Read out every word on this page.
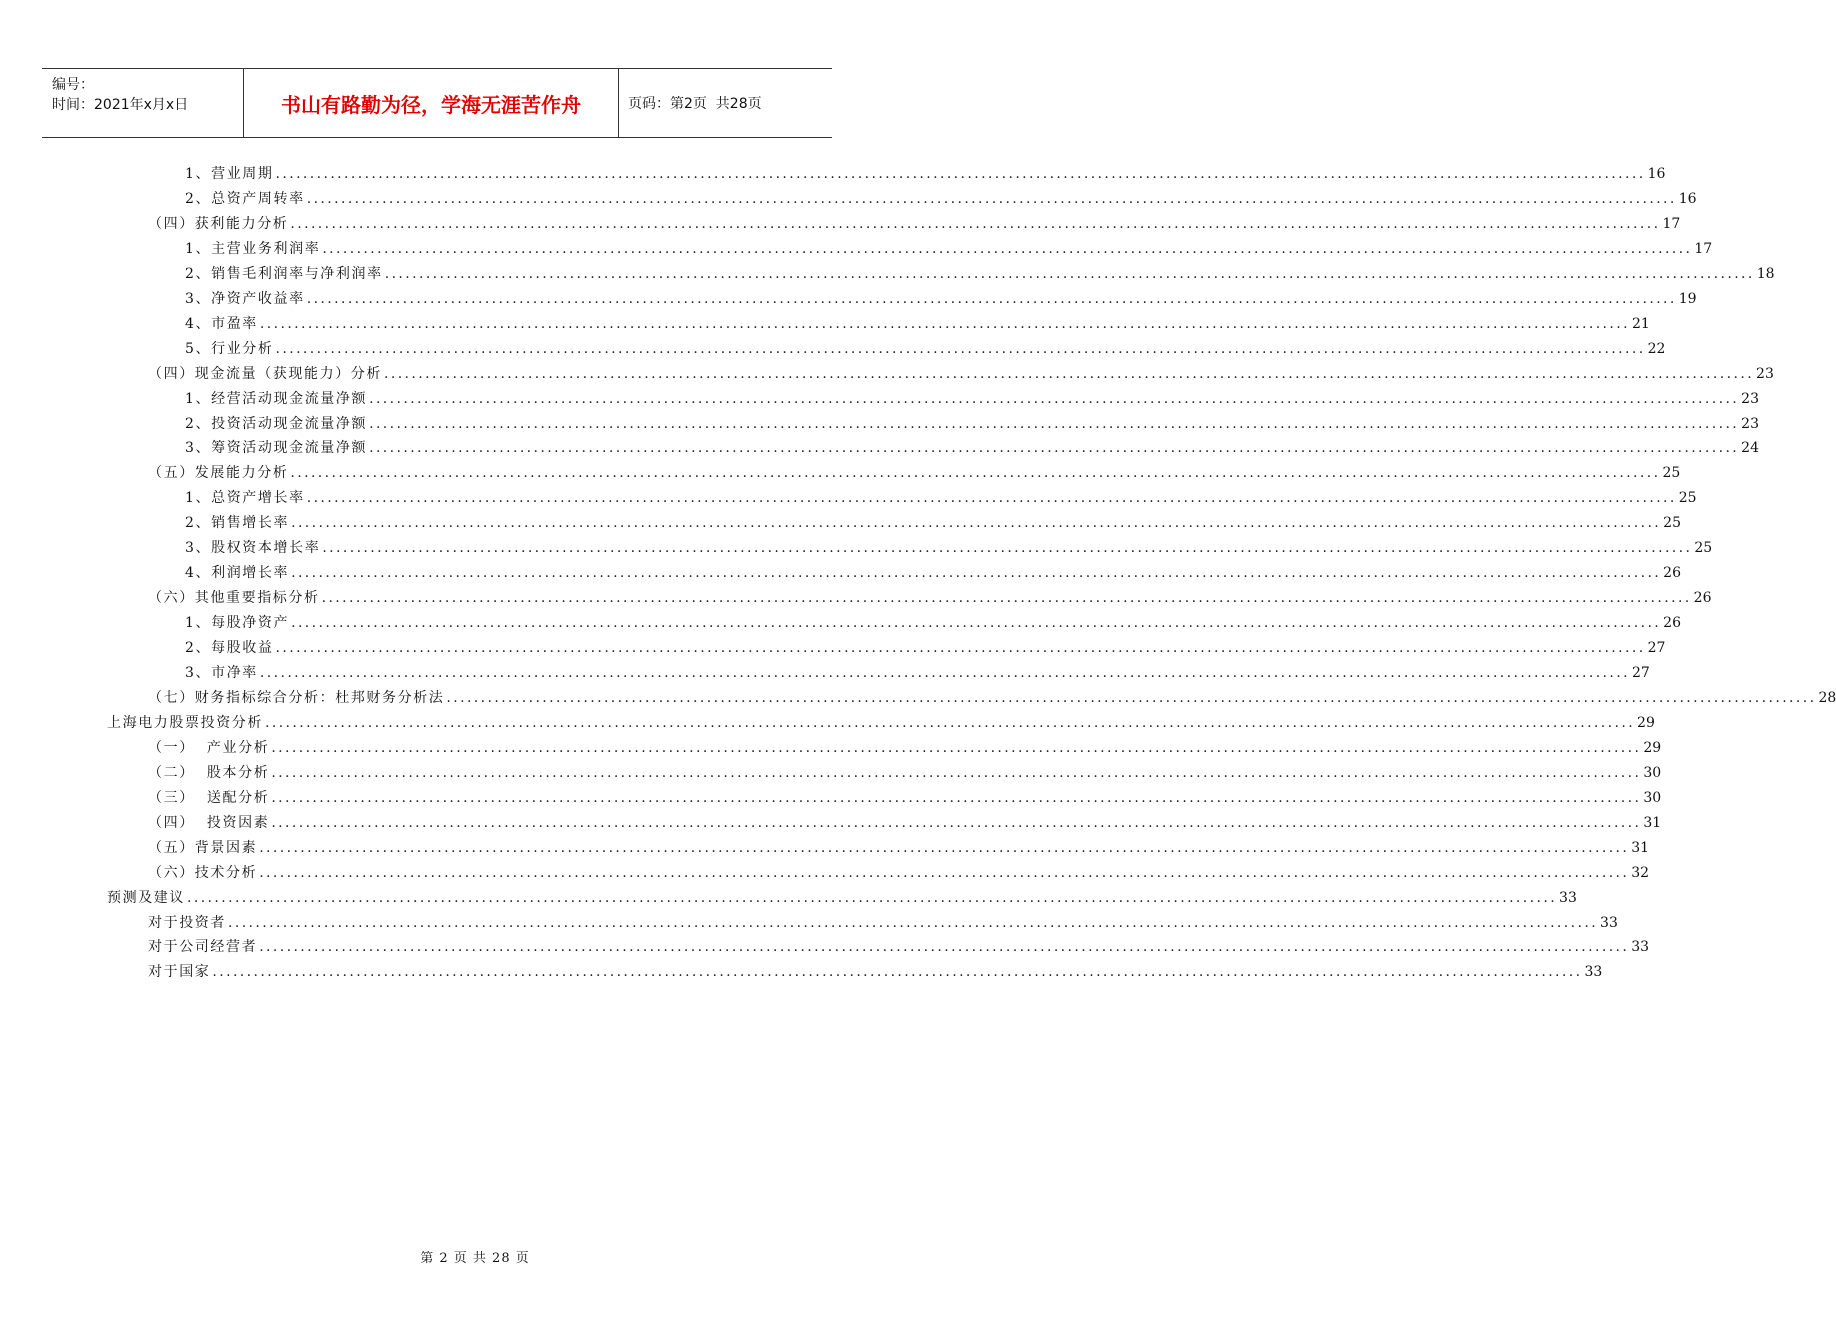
编号：
时间：2021年x月x日	书山有路勤为径，学海无涯苦作舟	页码：第2页  共28页
1、营业周期 ........................................................................................................................................................................................................ 16
2、总资产周转率 ........................................................................................................................................................................................................ 16
（四）获利能力分析 ........................................................................................................................................................................................................ 17
1、主营业务利润率 ........................................................................................................................................................................................................ 17
2、销售毛利润率与净利润率 ........................................................................................................................................................................................................ 18
3、净资产收益率 ........................................................................................................................................................................................................ 19
4、市盈率 ........................................................................................................................................................................................................ 21
5、行业分析 ........................................................................................................................................................................................................ 22
（四）现金流量（获现能力）分析 ........................................................................................................................................................................................................ 23
1、经营活动现金流量净额 ........................................................................................................................................................................................................ 23
2、投资活动现金流量净额 ........................................................................................................................................................................................................ 23
3、筹资活动现金流量净额 ........................................................................................................................................................................................................ 24
（五）发展能力分析 ........................................................................................................................................................................................................ 25
1、总资产增长率 ........................................................................................................................................................................................................ 25
2、销售增长率 ........................................................................................................................................................................................................ 25
3、股权资本增长率 ........................................................................................................................................................................................................ 25
4、利润增长率 ........................................................................................................................................................................................................ 26
（六）其他重要指标分析 ........................................................................................................................................................................................................ 26
1、每股净资产 ........................................................................................................................................................................................................ 26
2、每股收益 ........................................................................................................................................................................................................ 27
3、市净率 ........................................................................................................................................................................................................ 27
（七）财务指标综合分析：杜邦财务分析法 ........................................................................................................................................................................................................ 28
上海电力股票投资分析 ........................................................................................................................................................................................................ 29
（一）  产业分析 ........................................................................................................................................................................................................ 29
（二）  股本分析 ........................................................................................................................................................................................................ 30
（三）  送配分析 ........................................................................................................................................................................................................ 30
（四）  投资因素 ........................................................................................................................................................................................................ 31
（五）背景因素 ........................................................................................................................................................................................................ 31
（六）技术分析 ........................................................................................................................................................................................................ 32
预测及建议 ........................................................................................................................................................................................................ 33
对于投资者 ........................................................................................................................................................................................................ 33
对于公司经营者 ........................................................................................................................................................................................................ 33
对于国家 ........................................................................................................................................................................................................ 33
第 2 页 共 28 页
